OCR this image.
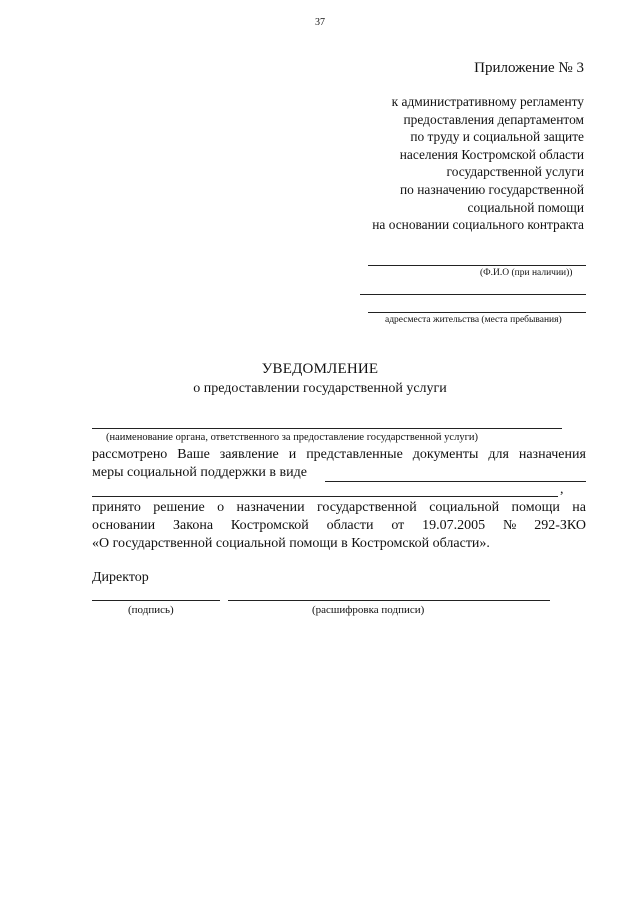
37
Приложение № 3
к административному регламенту
предоставления департаментом
по труду и социальной защите
населения Костромской области
государственной услуги
по назначению государственной
социальной помощи
на основании социального контракта
(Ф.И.О (при наличии))
адресместа жительства (места пребывания)
УВЕДОМЛЕНИЕ
о предоставлении государственной услуги
(наименование органа, ответственного за предоставление государственной услуги)
рассмотрено Ваше заявление и представленные документы для назначения
меры социальной поддержки в виде
,
принято решение о назначении государственной социальной помощи на
основании Закона Костромской области от 19.07.2005 № 292-ЗКО
«О государственной социальной помощи в Костромской области».
Директор
(подпись)	(расшифровка подписи)
